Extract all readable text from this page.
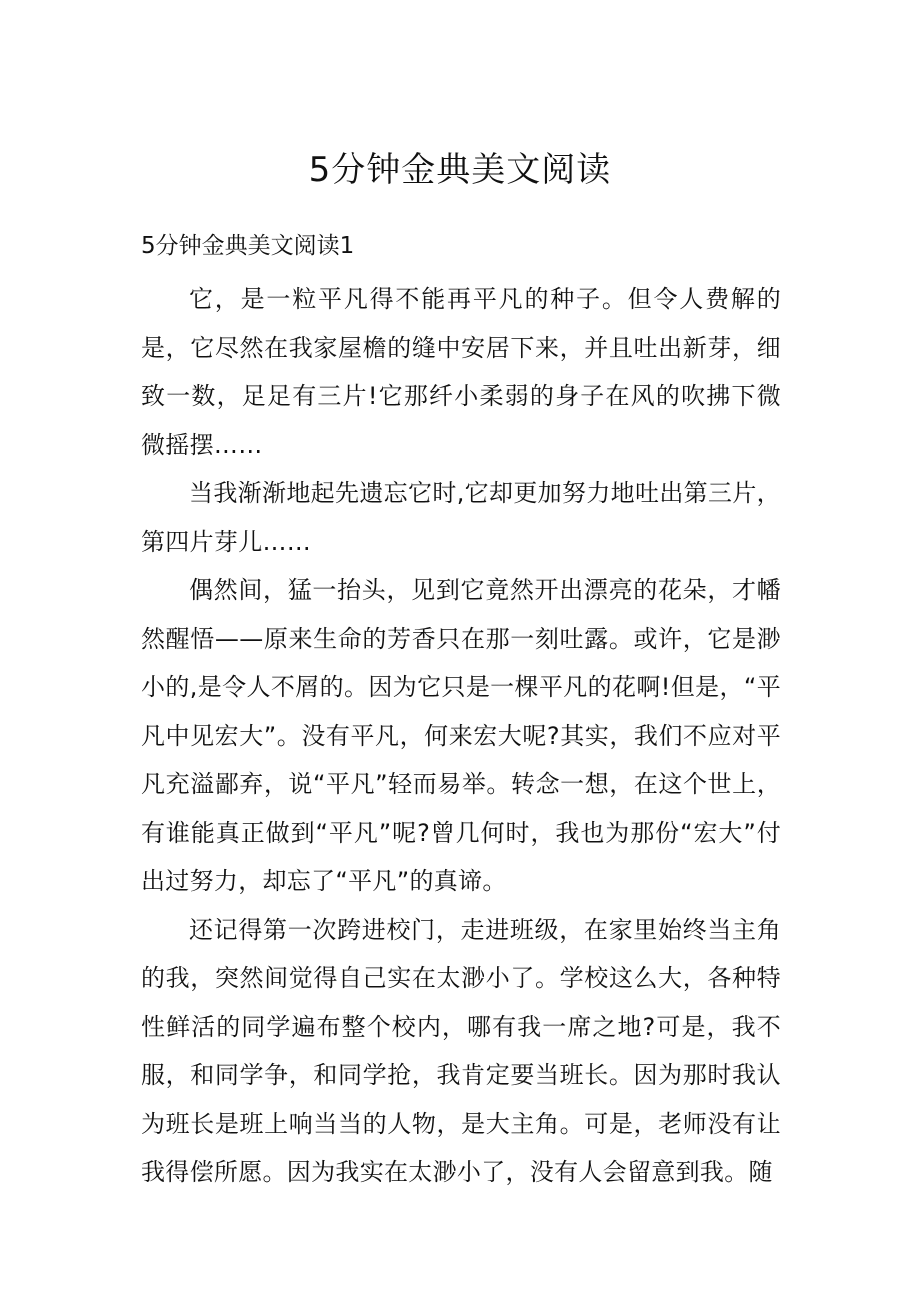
5分钟金典美文阅读
5分钟金典美文阅读1

它，是一粒平凡得不能再平凡的种子。但令人费解的是，它尽然在我家屋檐的缝中安居下来，并且吐出新芽，细致一数，足足有三片!它那纤小柔弱的身子在风的吹拂下微微摇摆……

当我渐渐地起先遗忘它时,它却更加努力地吐出第三片，第四片芽儿……

偶然间，猛一抬头，见到它竟然开出漂亮的花朵，才幡然醒悟——原来生命的芳香只在那一刻吐露。或许，它是渺小的,是令人不屑的。因为它只是一棵平凡的花啊!但是，“平凡中见宏大”。没有平凡，何来宏大呢?其实，我们不应对平凡充溢鄙弃，说“平凡”轻而易举。转念一想，在这个世上，有谁能真正做到“平凡”呢?曾几何时，我也为那份“宏大”付出过努力，却忘了“平凡”的真谛。

还记得第一次跨进校门，走进班级，在家里始终当主角的我，突然间觉得自己实在太渺小了。学校这么大，各种特性鲜活的同学遍布整个校内，哪有我一席之地?可是，我不服，和同学争，和同学抢，我肯定要当班长。因为那时我认为班长是班上响当当的人物，是大主角。可是，老师没有让我得偿所愿。因为我实在太渺小了，没有人会留意到我。随
